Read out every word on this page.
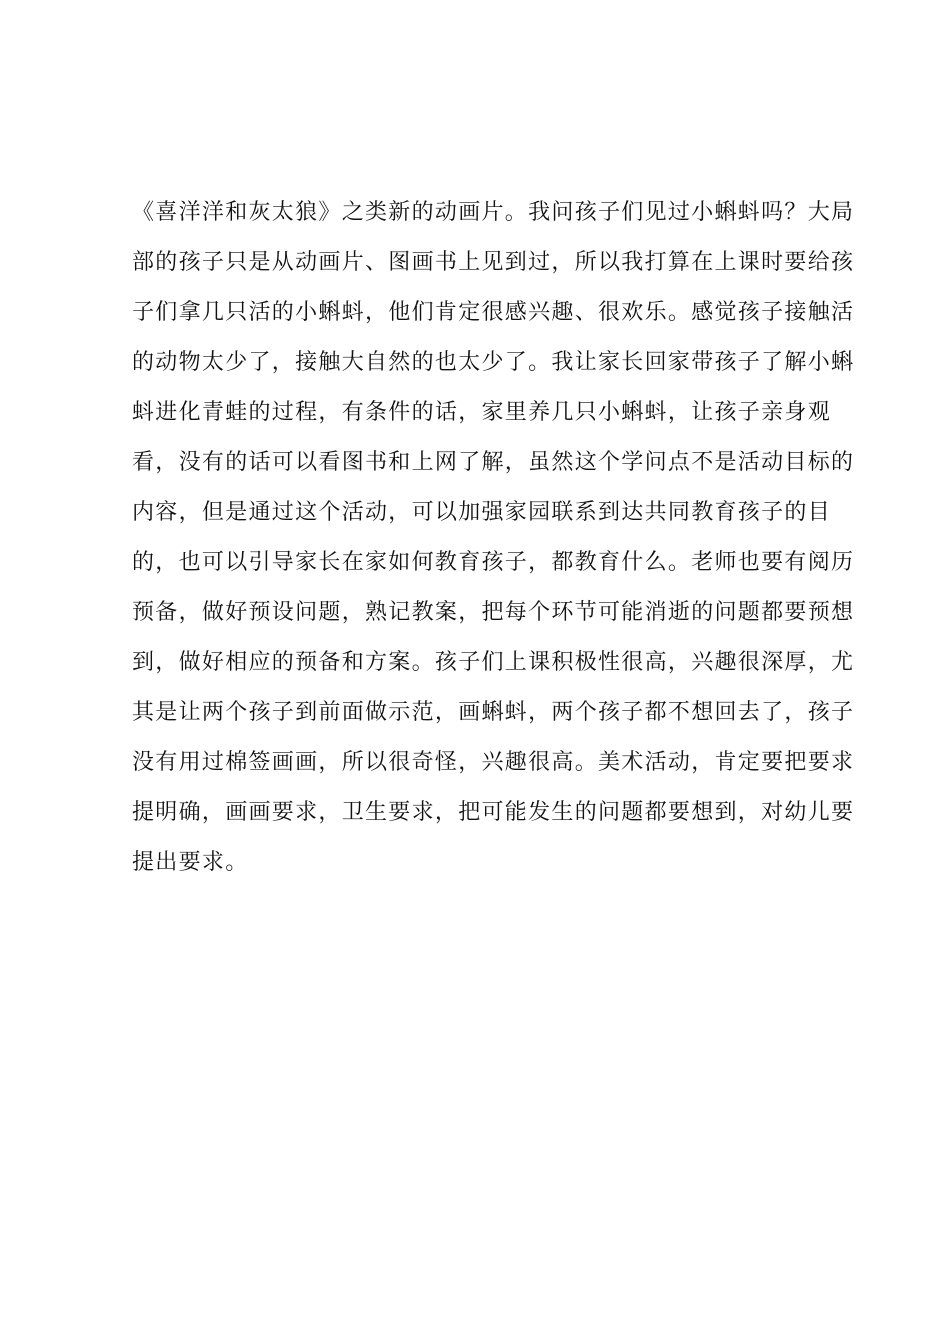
《喜洋洋和灰太狼》之类新的动画片。我问孩子们见过小蝌蚪吗？大局
部的孩子只是从动画片、图画书上见到过，所以我打算在上课时要给孩
子们拿几只活的小蝌蚪，他们肯定很感兴趣、很欢乐。感觉孩子接触活
的动物太少了，接触大自然的也太少了。我让家长回家带孩子了解小蝌
蚪进化青蛙的过程，有条件的话，家里养几只小蝌蚪，让孩子亲身观
看，没有的话可以看图书和上网了解，虽然这个学问点不是活动目标的
内容，但是通过这个活动，可以加强家园联系到达共同教育孩子的目
的，也可以引导家长在家如何教育孩子，都教育什么。老师也要有阅历
预备，做好预设问题，熟记教案，把每个环节可能消逝的问题都要预想
到，做好相应的预备和方案。孩子们上课积极性很高，兴趣很深厚，尤
其是让两个孩子到前面做示范，画蝌蚪，两个孩子都不想回去了，孩子
没有用过棉签画画，所以很奇怪，兴趣很高。美术活动，肯定要把要求
提明确，画画要求，卫生要求，把可能发生的问题都要想到，对幼儿要
提出要求。
